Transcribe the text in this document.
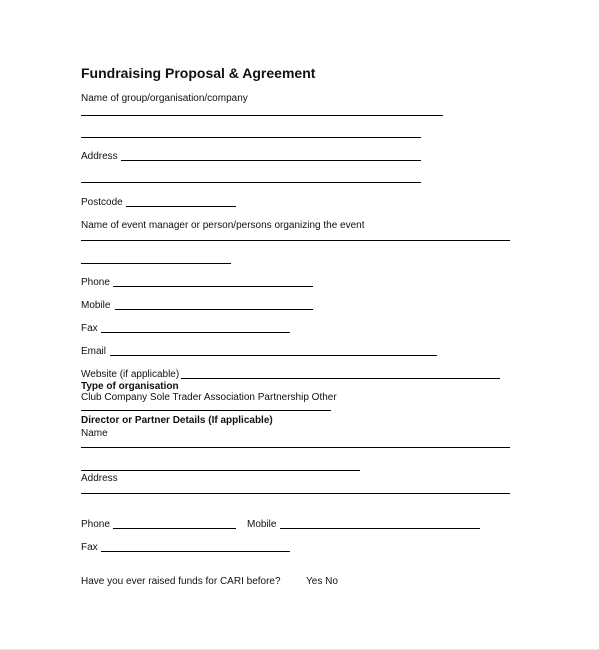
Fundraising Proposal & Agreement
Name of group/organisation/company
Address
Postcode
Name of event manager or person/persons organizing the event
Phone
Mobile
Fax
Email
Website (if applicable)
Type of organisation
Club Company Sole Trader Association Partnership Other
Director or Partner Details (If applicable)
Name
Address
Phone	Mobile
Fax
Have you ever raised funds for CARI before?	Yes No
